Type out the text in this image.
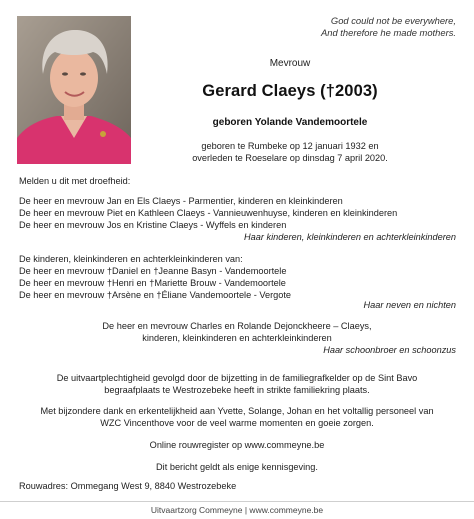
God could not be everywhere,
And therefore he made mothers.
Mevrouw
Gerard Claeys (†2003)
geboren Yolande Vandemoortele
geboren te Rumbeke op 12 januari 1932 en
overleden te Roeselare op dinsdag 7 april 2020.
Melden u dit met droefheid:
De heer en mevrouw Jan en Els Claeys - Parmentier, kinderen en kleinkinderen
De heer en mevrouw Piet en Kathleen Claeys - Vannieuwenhuyse, kinderen en kleinkinderen
De heer en mevrouw Jos en Kristine Claeys - Wyffels en kinderen
Haar kinderen, kleinkinderen en achterkleinkinderen
De kinderen, kleinkinderen en achterkleinkinderen van:
De heer en mevrouw †Daniel en †Jeanne Basyn - Vandemoortele
De heer en mevrouw †Henri en †Mariette Brouw - Vandemoortele
De heer en mevrouw †Arsène en †Éliane Vandemoortele - Vergote
Haar neven en nichten
De heer en mevrouw Charles en Rolande Dejonckheere – Claeys,
kinderen, kleinkinderen en achterkleinkinderen
Haar schoonbroer en schoonzus
De uitvaartplechtigheid gevolgd door de bijzetting in de familiegrafkelder op de Sint Bavo
begraafplaats te Westrozebeke heeft in strikte familiekring plaats.
Met bijzondere dank en erkentelijkheid aan Yvette, Solange, Johan en het voltallig personeel van
WZC Vincenthove voor de veel warme momenten en goeie zorgen.
Online rouwregister op www.commeyne.be
Dit bericht geldt als enige kennisgeving.
Rouwadres: Ommegang West 9, 8840 Westrozebeke
Uitvaartzorg Commeyne | www.commeyne.be
